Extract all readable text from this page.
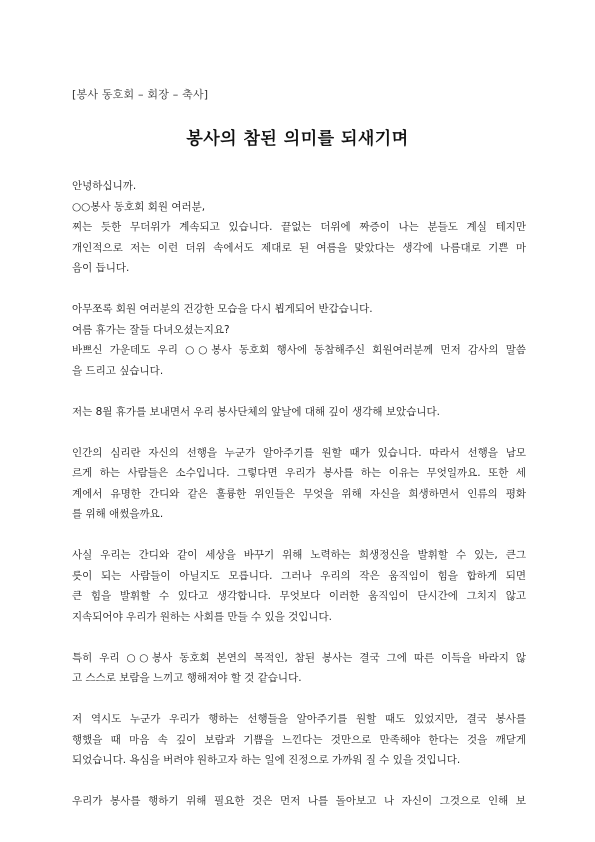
[봉사 동호회 – 회장 – 축사]
봉사의 참된 의미를 되새기며
안녕하십니까.
○○봉사 동호회 회원 여러분,
찌는 듯한 무더위가 계속되고 있습니다. 끝없는 더위에 짜증이 나는 분들도 계실 테지만
개인적으로 저는 이런 더위 속에서도 제대로 된 여름을 맞았다는 생각에 나름대로 기쁜 마
음이 듭니다.
아무쪼록 회원 여러분의 건강한 모습을 다시 뵙게되어 반갑습니다.
여름 휴가는 잘들 다녀오셨는지요?
바쁘신 가운데도 우리 ○○봉사 동호회 행사에 동참해주신 회원여러분께 먼저 감사의 말씀
을 드리고 싶습니다.
저는 8월 휴가를 보내면서 우리 봉사단체의 앞날에 대해 깊이 생각해 보았습니다.
인간의 심리란 자신의 선행을 누군가 알아주기를 원할 때가 있습니다. 따라서 선행을 남모
르게 하는 사람들은 소수입니다. 그렇다면 우리가 봉사를 하는 이유는 무엇일까요. 또한 세
계에서 유명한 간디와 같은 훌륭한 위인들은 무엇을 위해 자신을 희생하면서 인류의 평화
를 위해 애썼을까요.
사실 우리는 간디와 같이 세상을 바꾸기 위해 노력하는 희생정신을 발휘할 수 있는, 큰그
릇이 되는 사람들이 아닐지도 모릅니다. 그러나 우리의 작은 움직임이 힘을 합하게 되면
큰 힘을 발휘할 수 있다고 생각합니다. 무엇보다 이러한 움직임이 단시간에 그치지 않고
지속되어야 우리가 원하는 사회를 만들 수 있을 것입니다.
특히 우리 ○○봉사 동호회 본연의 목적인, 참된 봉사는 결국 그에 따른 이득을 바라지 않
고 스스로 보람을 느끼고 행해져야 할 것 같습니다.
저 역시도 누군가 우리가 행하는 선행들을 알아주기를 원할 때도 있었지만, 결국 봉사를
행했을 때 마음 속 깊이 보람과 기쁨을 느낀다는 것만으로 만족해야 한다는 것을 깨닫게
되었습니다. 욕심을 버려야 원하고자 하는 일에 진정으로 가까워 질 수 있을 것입니다.
우리가 봉사를 행하기 위해 필요한 것은 먼저 나를 돌아보고 나 자신이 그것으로 인해 보
